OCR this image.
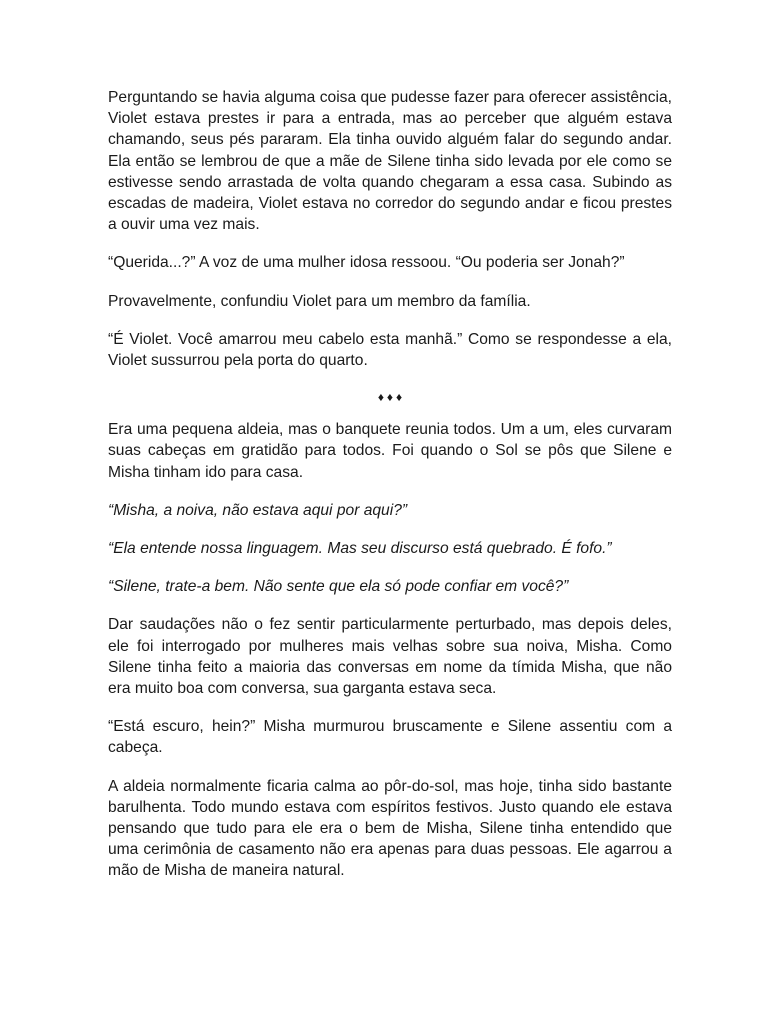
Perguntando se havia alguma coisa que pudesse fazer para oferecer assistência, Violet estava prestes ir para a entrada, mas ao perceber que alguém estava chamando, seus pés pararam. Ela tinha ouvido alguém falar do segundo andar. Ela então se lembrou de que a mãe de Silene tinha sido levada por ele como se estivesse sendo arrastada de volta quando chegaram a essa casa. Subindo as escadas de madeira, Violet estava no corredor do segundo andar e ficou prestes a ouvir uma vez mais.

“Querida...?” A voz de uma mulher idosa ressoou. “Ou poderia ser Jonah?”

Provavelmente, confundiu Violet para um membro da família.

“É Violet. Você amarrou meu cabelo esta manhã.” Como se respondesse a ela, Violet sussurrou pela porta do quarto.

♦♦♦

Era uma pequena aldeia, mas o banquete reunia todos. Um a um, eles curvaram suas cabeças em gratidão para todos. Foi quando o Sol se pôs que Silene e Misha tinham ido para casa.

“Misha, a noiva, não estava aqui por aqui?”

“Ela entende nossa linguagem. Mas seu discurso está quebrado. É fofo.”

“Silene, trate-a bem. Não sente que ela só pode confiar em você?”

Dar saudações não o fez sentir particularmente perturbado, mas depois deles, ele foi interrogado por mulheres mais velhas sobre sua noiva, Misha. Como Silene tinha feito a maioria das conversas em nome da tímida Misha, que não era muito boa com conversa, sua garganta estava seca.

“Está escuro, hein?” Misha murmurou bruscamente e Silene assentiu com a cabeça.

A aldeia normalmente ficaria calma ao pôr-do-sol, mas hoje, tinha sido bastante barulhenta. Todo mundo estava com espíritos festivos. Justo quando ele estava pensando que tudo para ele era o bem de Misha, Silene tinha entendido que uma cerimônia de casamento não era apenas para duas pessoas. Ele agarrou a mão de Misha de maneira natural.
